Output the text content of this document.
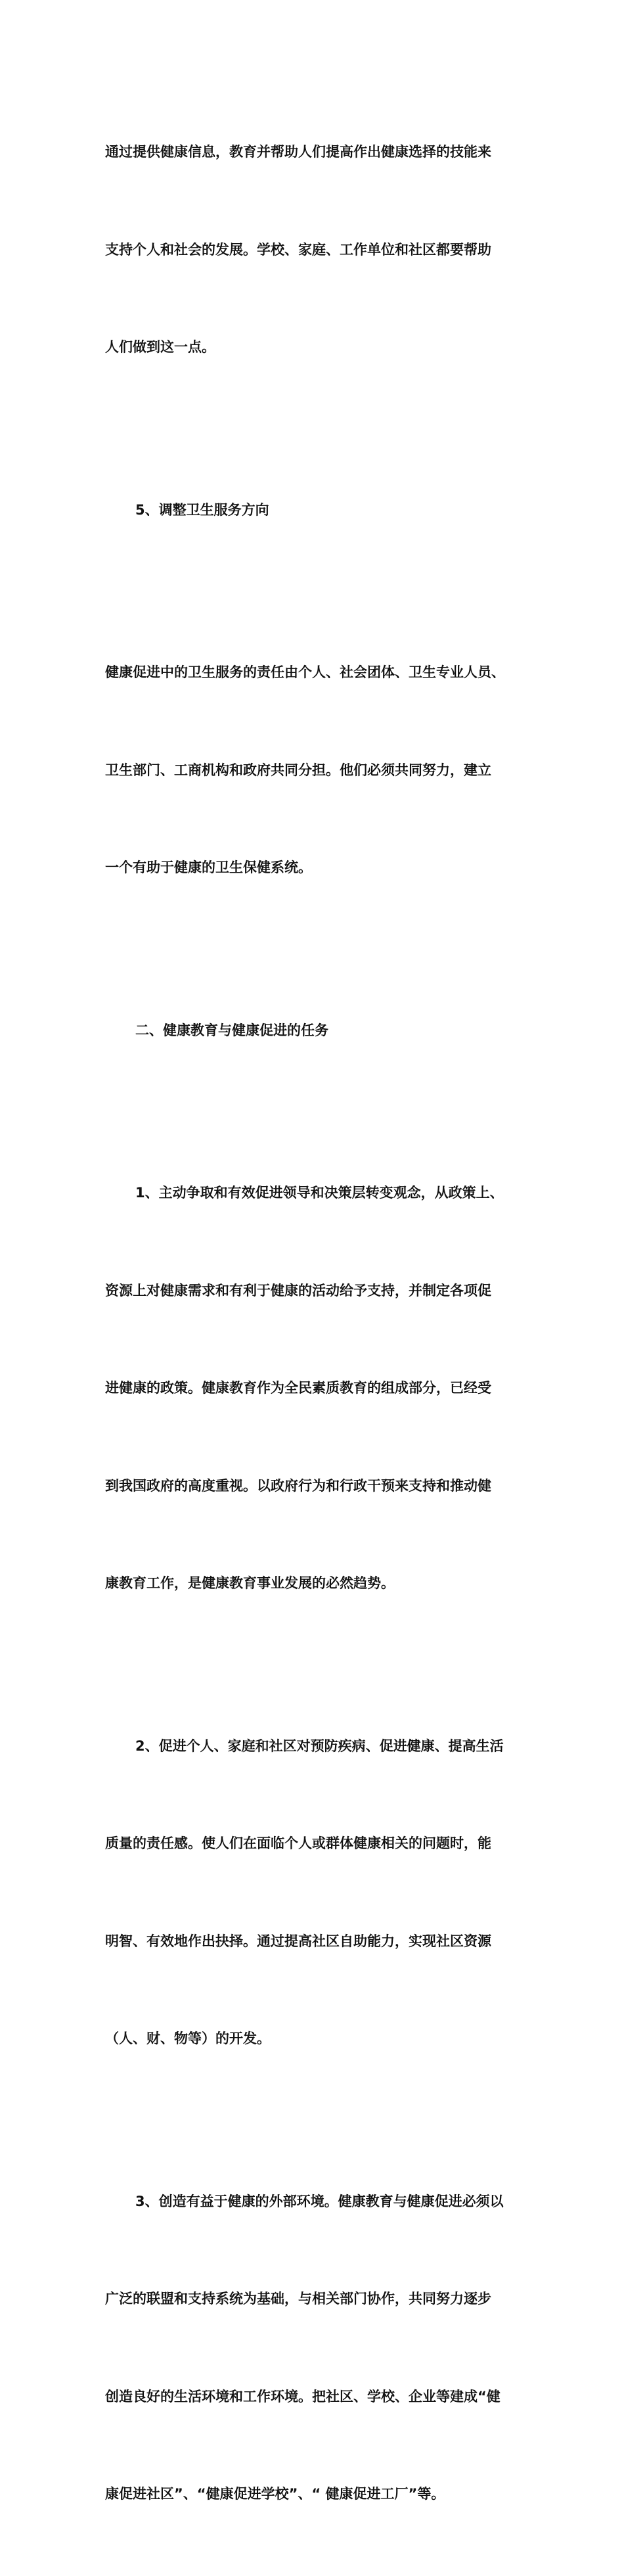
通过提供健康信息，教育并帮助人们提高作出健康选择的技能来

支持个人和社会的发展。学校、家庭、工作单位和社区都要帮助

人们做到这一点。

5、调整卫生服务方向

健康促进中的卫生服务的责任由个人、社会团体、卫生专业人员、

卫生部门、工商机构和政府共同分担。他们必须共同努力，建立

一个有助于健康的卫生保健系统。

二、健康教育与健康促进的任务

1、主动争取和有效促进领导和决策层转变观念，从政策上、

资源上对健康需求和有利于健康的活动给予支持，并制定各项促

进健康的政策。健康教育作为全民素质教育的组成部分，已经受

到我国政府的高度重视。以政府行为和行政干预来支持和推动健

康教育工作，是健康教育事业发展的必然趋势。

2、促进个人、家庭和社区对预防疾病、促进健康、提高生活

质量的责任感。使人们在面临个人或群体健康相关的问题时，能

明智、有效地作出抉择。通过提高社区自助能力，实现社区资源

（人、财、物等）的开发。

3、创造有益于健康的外部环境。健康教育与健康促进必须以

广泛的联盟和支持系统为基础，与相关部门协作，共同努力逐步

创造良好的生活环境和工作环境。把社区、学校、企业等建成“健

康促进社区”、“健康促进学校”、“ 健康促进工厂”等。
